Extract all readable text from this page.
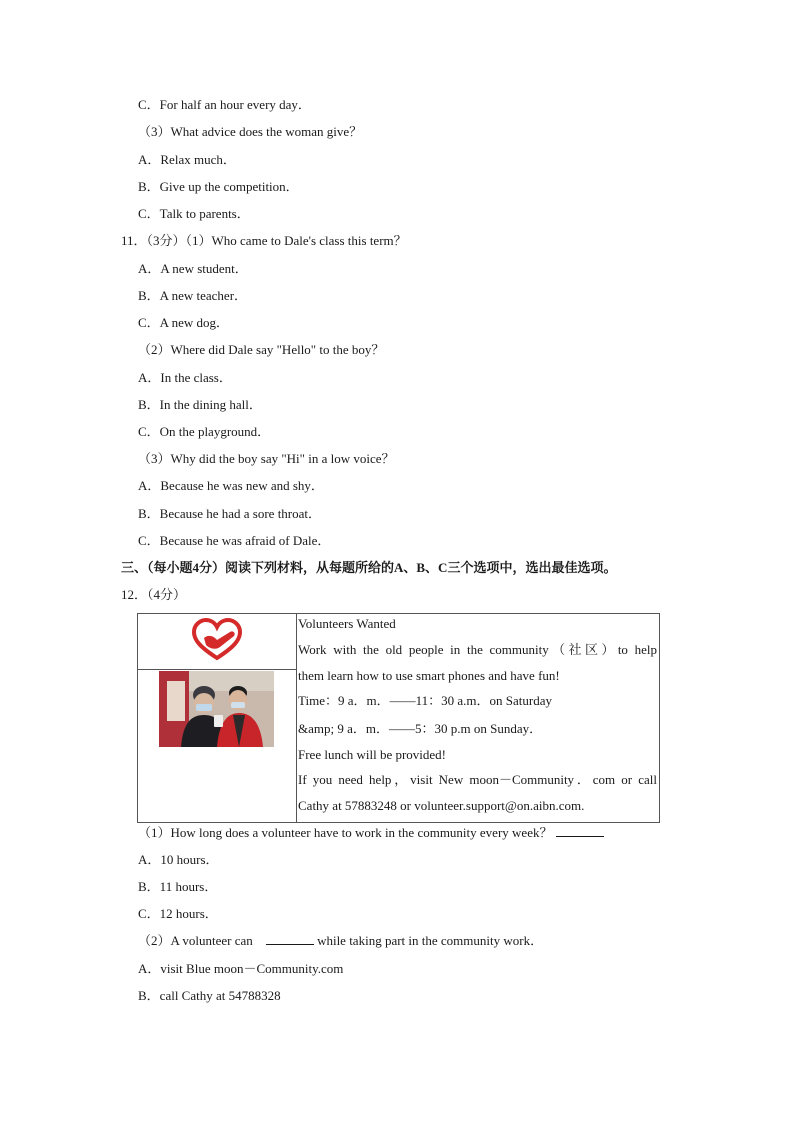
C．For half an hour every day．
（3）What advice does the woman give？
A．Relax much．
B．Give up the competition．
C．Talk to parents．
11．（3分）（1）Who came to Dale's class this term？
A．A new student．
B．A new teacher．
C．A new dog．
（2）Where did Dale say "Hello" to the boy？
A．In the class．
B．In the dining hall．
C．On the playground．
（3）Why did the boy say "Hi" in a low voice？
A．Because he was new and shy．
B．Because he had a sore throat．
C．Because he was afraid of Dale．
三、（每小题4分）阅读下列材料，从每题所给的A、B、C三个选项中，选出最佳选项。
12．（4分）
Volunteers Wanted
Work with the old people in the community（社区）to help
them learn how to use smart phones and have fun!
Time：9 a．m．——11：30 a.m．on Saturday
&amp; 9 a．m．——5：30 p.m on Sunday．
Free lunch will be provided!
If you need help，visit New moon－Community．com or call
Cathy at 57883248 or volunteer.support@on.aibn.com.
（1）How long does a volunteer have to work in the community every week？
A．10 hours．
B．11 hours．
C．12 hours．
（2）A volunteer can	while taking part in the community work．
A．visit Blue moon－Community.com
B．call Cathy at 54788328
